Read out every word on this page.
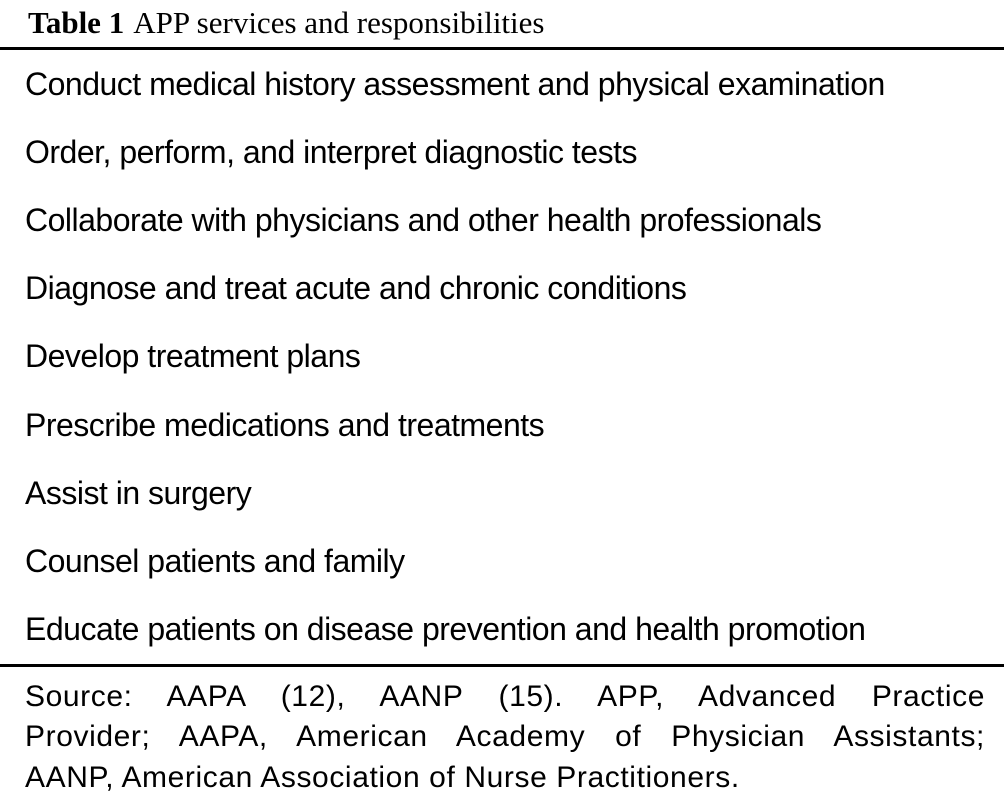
Table 1 APP services and responsibilities
Conduct medical history assessment and physical examination
Order, perform, and interpret diagnostic tests
Collaborate with physicians and other health professionals
Diagnose and treat acute and chronic conditions
Develop treatment plans
Prescribe medications and treatments
Assist in surgery
Counsel patients and family
Educate patients on disease prevention and health promotion
Source: AAPA (12), AANP (15). APP, Advanced Practice
Provider; AAPA, American Academy of Physician Assistants;
AANP, American Association of Nurse Practitioners.
